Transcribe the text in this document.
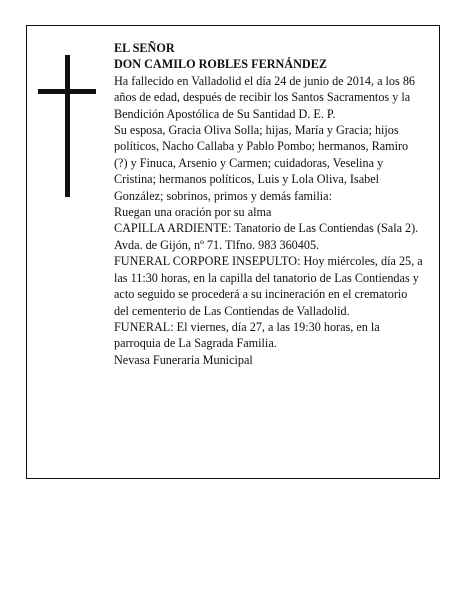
EL SEÑOR

DON CAMILO ROBLES FERNÁNDEZ

Ha fallecido en Valladolid el día 24 de junio de 2014, a los 86 años de edad, después de recibir los Santos Sacramentos y la Bendición Apostólica de Su Santidad D. E. P.

Su esposa, Gracia Oliva Solla; hijas, María y Gracia; hijos políticos, Nacho Callaba y Pablo Pombo; hermanos, Ramiro (?) y Finuca, Arsenio y Carmen; cuidadoras, Veselina y Cristina; hermanos políticos, Luis y Lola Oliva, Isabel González; sobrinos, primos y demás familia:

Ruegan una oración por su alma

CAPILLA ARDIENTE: Tanatorio de Las Contiendas (Sala 2). Avda. de Gijón, nº 71. Tlfno. 983 360405.

FUNERAL CORPORE INSEPULTO: Hoy miércoles, día 25, a las 11:30 horas, en la capilla del tanatorio de Las Contiendas y acto seguido se procederá a su incineración en el crematorio del cementerio de Las Contiendas de Valladolid.

FUNERAL: El viernes, día 27, a las 19:30 horas, en la parroquia de La Sagrada Familia.

Nevasa Funeraria Municipal
